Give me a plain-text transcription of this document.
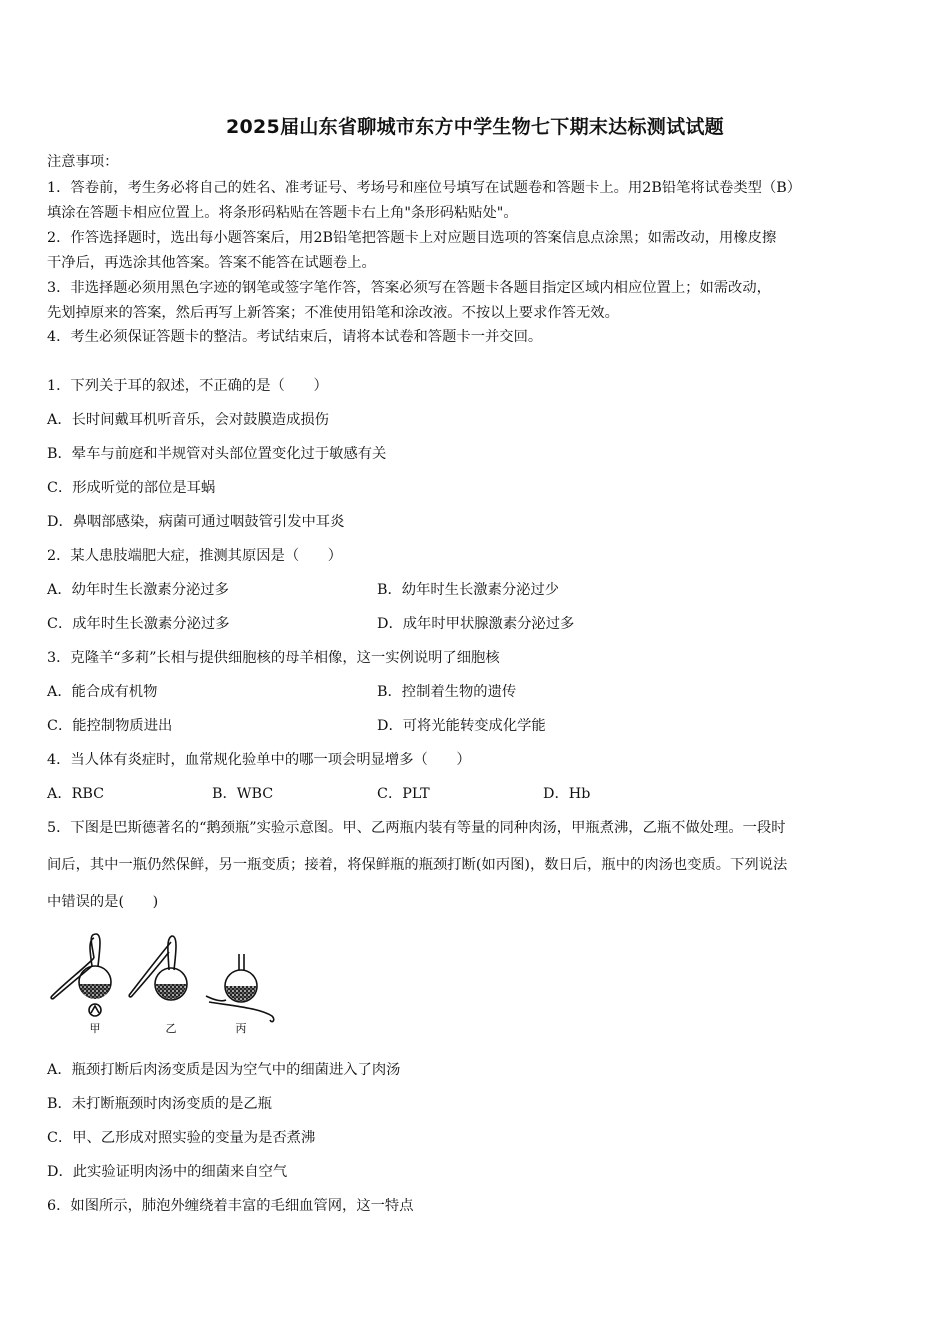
2025届山东省聊城市东方中学生物七下期末达标测试试题
注意事项：
1．答卷前，考生务必将自己的姓名、准考证号、考场号和座位号填写在试题卷和答题卡上。用2B铅笔将试卷类型（B）
填涂在答题卡相应位置上。将条形码粘贴在答题卡右上角"条形码粘贴处"。
2．作答选择题时，选出每小题答案后，用2B铅笔把答题卡上对应题目选项的答案信息点涂黑；如需改动，用橡皮擦
干净后，再选涂其他答案。答案不能答在试题卷上。
3．非选择题必须用黑色字迹的钢笔或签字笔作答，答案必须写在答题卡各题目指定区域内相应位置上；如需改动，
先划掉原来的答案，然后再写上新答案；不准使用铅笔和涂改液。不按以上要求作答无效。
4．考生必须保证答题卡的整洁。考试结束后，请将本试卷和答题卡一并交回。
1．下列关于耳的叙述，不正确的是（　　）
A．长时间戴耳机听音乐，会对鼓膜造成损伤
B．晕车与前庭和半规管对头部位置变化过于敏感有关
C．形成听觉的部位是耳蜗
D．鼻咽部感染，病菌可通过咽鼓管引发中耳炎
2．某人患肢端肥大症，推测其原因是（　　）
A．幼年时生长激素分泌过多	B．幼年时生长激素分泌过少
C．成年时生长激素分泌过多	D．成年时甲状腺激素分泌过多
3．克隆羊“多莉”长相与提供细胞核的母羊相像，这一实例说明了细胞核
A．能合成有机物	B．控制着生物的遗传
C．能控制物质进出	D．可将光能转变成化学能
4．当人体有炎症时，血常规化验单中的哪一项会明显增多（　　）
A．RBC	B．WBC	C．PLT	D．Hb
5．下图是巴斯德著名的“鹅颈瓶”实验示意图。甲、乙两瓶内装有等量的同种肉汤，甲瓶煮沸，乙瓶不做处理。一段时
间后，其中一瓶仍然保鲜，另一瓶变质；接着，将保鲜瓶的瓶颈打断(如丙图)，数日后，瓶中的肉汤也变质。下列说法
中错误的是(　　)
甲	乙	丙
A．瓶颈打断后肉汤变质是因为空气中的细菌进入了肉汤
B．未打断瓶颈时肉汤变质的是乙瓶
C．甲、乙形成对照实验的变量为是否煮沸
D．此实验证明肉汤中的细菌来自空气
6．如图所示，肺泡外缠绕着丰富的毛细血管网，这一特点
